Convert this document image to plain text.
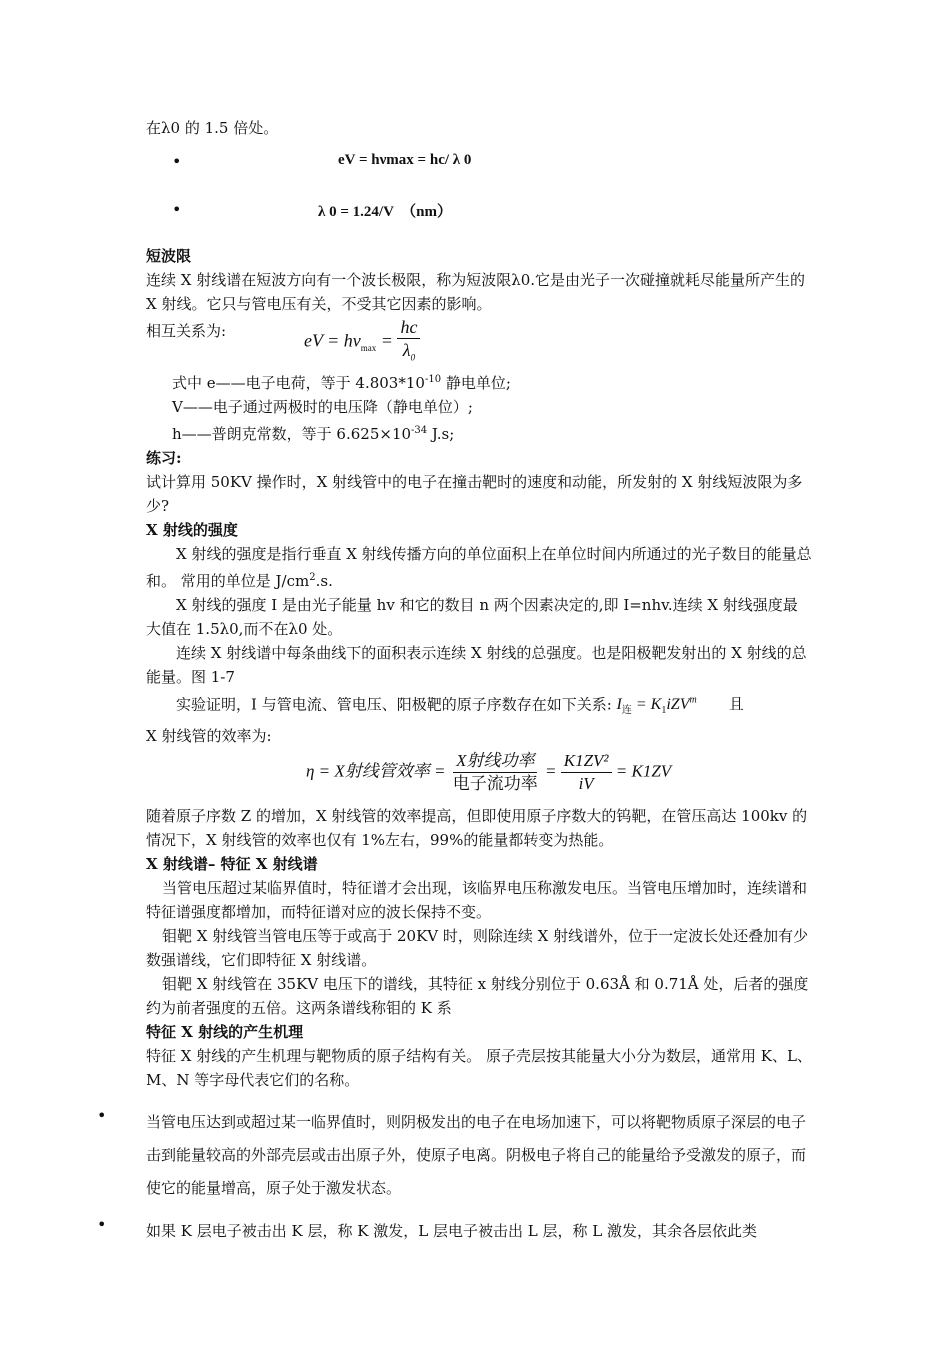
在λ0 的 1.5 倍处。

•	eV = hνmax = hc/ λ 0
•	λ 0 = 1.24/V　（nm）

短波限

连续 X 射线谱在短波方向有一个波长极限，称为短波限λ0.它是由光子一次碰撞就耗尽能量所产生的 X 射线。它只与管电压有关，不受其它因素的影响。

相互关系为:	eV = $h\nu_{max} = \frac{hc}{\lambda_0}$

式中 e——电子电荷，等于 $4.803*10^{-10}$ 静电单位;

V——电子通过两极时的电压降（静电单位）;

h——普朗克常数，等于 $6.625\times 10^{-34}$ J.s;

练习:

试计算用 50KV 操作时，X 射线管中的电子在撞击靶时的速度和动能，所发射的 X 射线短波限为多少?

X 射线的强度

X 射线的强度是指行垂直 X 射线传播方向的单位面积上在单位时间内所通过的光子数目的能量总和。 常用的单位是 $J/cm^2.s$.

X 射线的强度 I 是由光子能量 hv 和它的数目 n 两个因素决定的,即 I=nhv.连续 X 射线强度最大值在 1.5λ0,而不在λ0 处。

连续 X 射线谱中每条曲线下的面积表示连续 X 射线的总强度。也是阳极靶发射出的 X 射线的总能量。图 1-7

实验证明，I 与管电流、管电压、阳极靶的原子序数存在如下关系: $I_连 = K_1iZV^m$ 且

X 射线管的效率为:

η = X射线管效率 = $\frac{\text{X射线功率}}{\text{电子流功率}} = \frac{\text{K1ZV²}}{iV} = K1ZV$

随着原子序数 Z 的增加，X 射线管的效率提高，但即使用原子序数大的钨靶，在管压高达 100kv 的情况下，X 射线管的效率也仅有 1%左右，99%的能量都转变为热能。

X 射线谱– 特征 X 射线谱

当管电压超过某临界值时，特征谱才会出现，该临界电压称激发电压。当管电压增加时，连续谱和特征谱强度都增加，而特征谱对应的波长保持不变。

钼靶 X 射线管当管电压等于或高于 20KV 时，则除连续 X 射线谱外，位于一定波长处还叠加有少数强谱线，它们即特征 X 射线谱。

钼靶 X 射线管在 35KV 电压下的谱线，其特征 x 射线分别位于 0.63Å 和 0.71Å 处，后者的强度约为前者强度的五倍。这两条谱线称钼的 K 系

特征 X 射线的产生机理

特征 X 射线的产生机理与靶物质的原子结构有关。 原子壳层按其能量大小分为数层，通常用 K、L、M、N 等字母代表它们的名称。

•	当管电压达到或超过某一临界值时，则阴极发出的电子在电场加速下，可以将靶物质原子深层的电子击到能量较高的外部壳层或击出原子外，使原子电离。阴极电子将自己的能量给予受激发的原子，而使它的能量增高，原子处于激发状态。

•	如果 K 层电子被击出 K 层，称 K 激发，L 层电子被击出 L 层，称 L 激发，其余各层依此类
